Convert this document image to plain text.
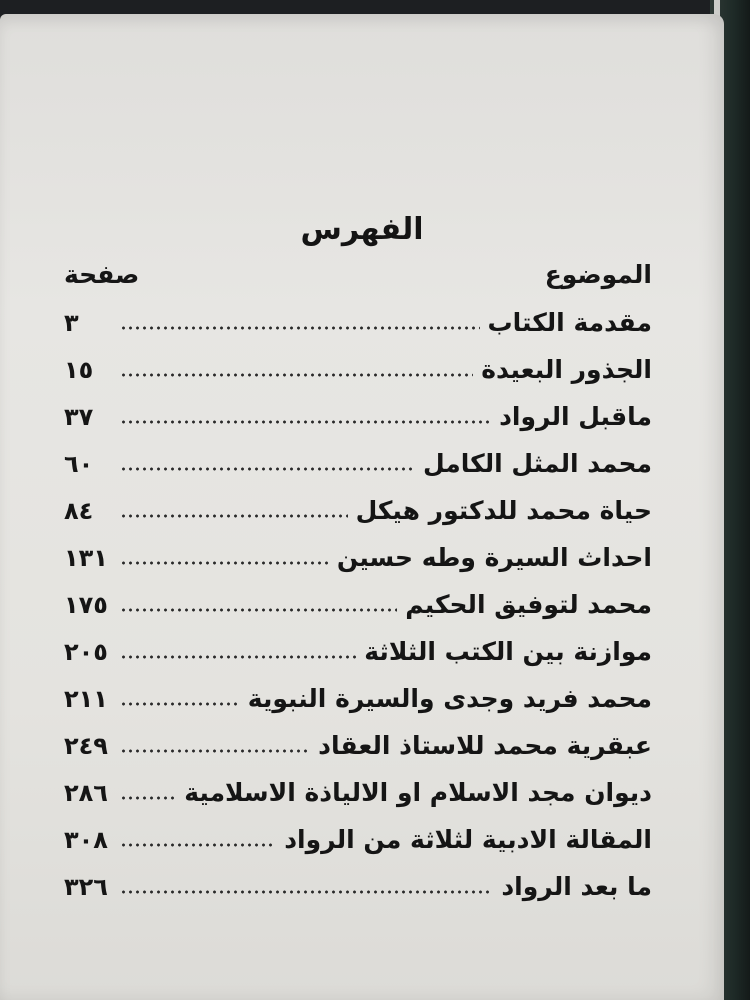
الفهرس
الموضوع
صفحة
مقدمة الكتاب
٣
الجذور البعيدة
١٥
ماقبل الرواد
٣٧
محمد المثل الكامل
٦٠
حياة محمد للدكتور هيكل
٨٤
احداث السيرة وطه حسين
١٣١
محمد لتوفيق الحكيم
١٧٥
موازنة بين الكتب الثلاثة
٢٠٥
محمد فريد وجدى والسيرة النبوية
٢١١
عبقرية محمد للاستاذ العقاد
٢٤٩
ديوان مجد الاسلام او الالياذة الاسلامية
٢٨٦
المقالة الادبية لثلاثة من الرواد
٣٠٨
ما بعد الرواد
٣٢٦
